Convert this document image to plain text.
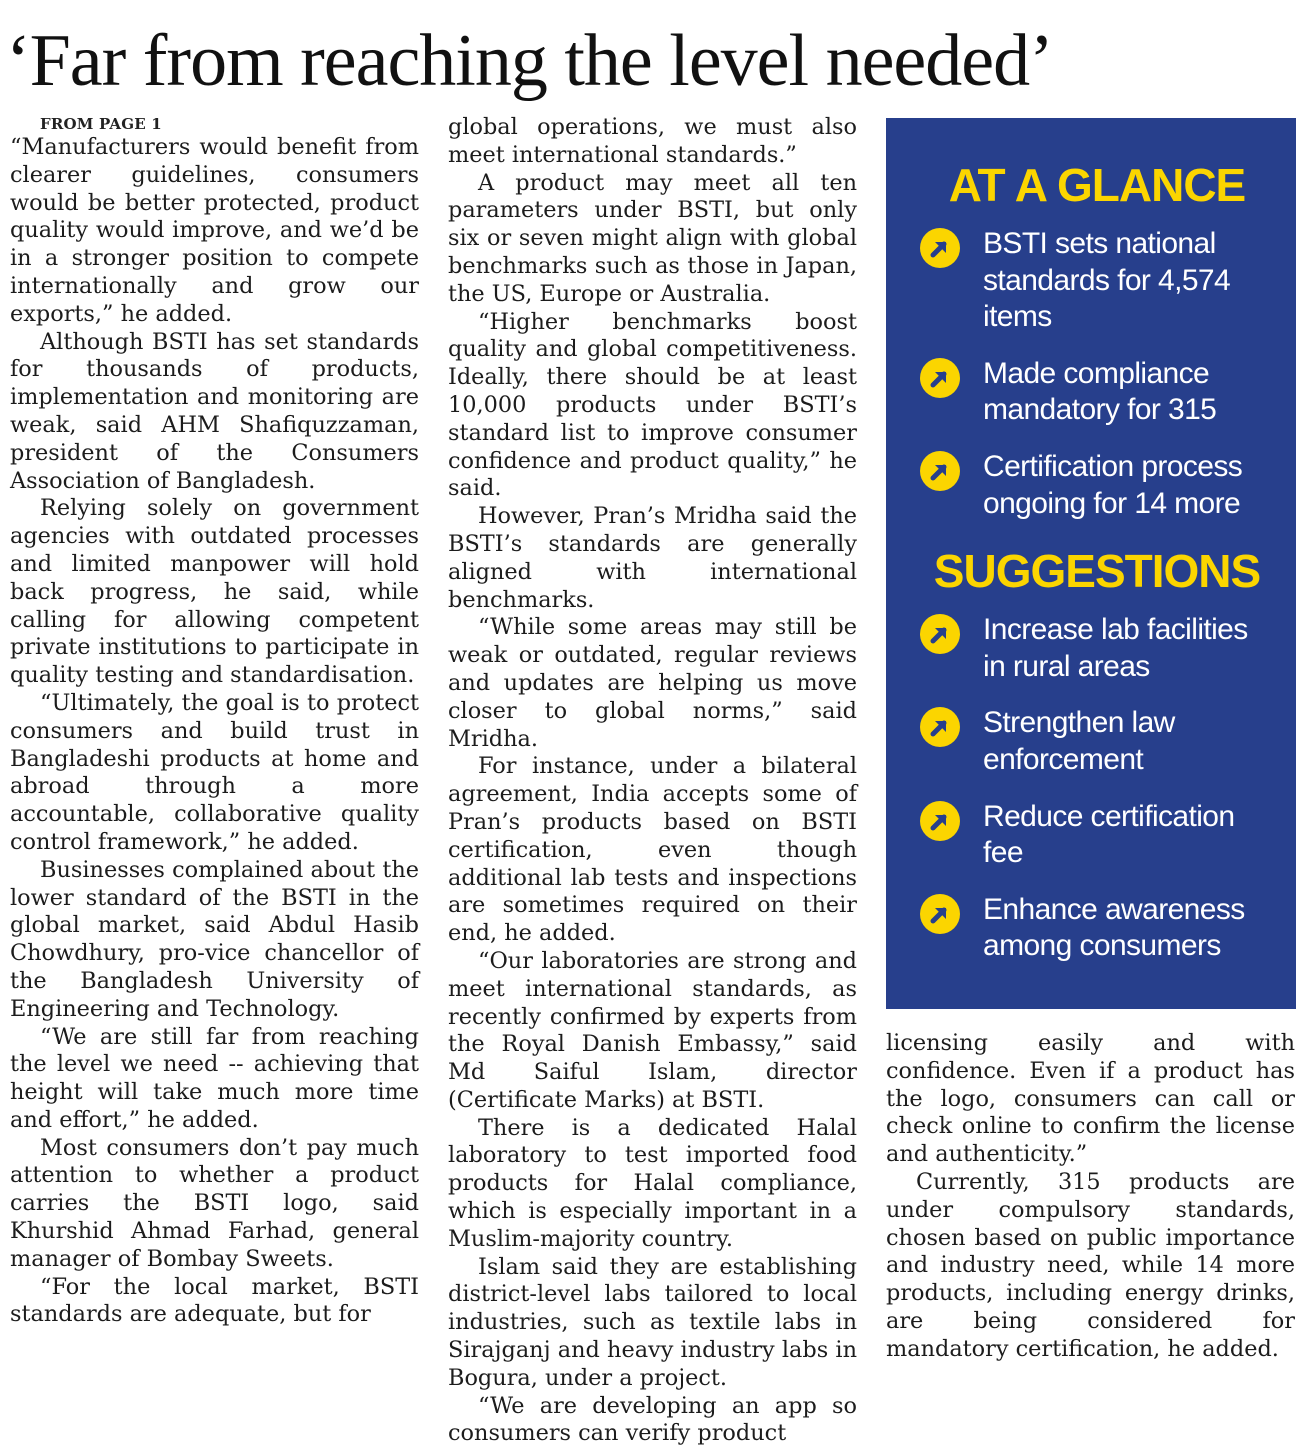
‘Far from reaching the level needed’

FROM PAGE 1

“Manufacturers would benefit from clearer guidelines, consumers would be better protected, product quality would improve, and we’d be in a stronger position to compete internationally and grow our exports,” he added.

Although BSTI has set standards for thousands of products, implementation and monitoring are weak, said AHM Shafiquzzaman, president of the Consumers Association of Bangladesh.

Relying solely on government agencies with outdated processes and limited manpower will hold back progress, he said, while calling for allowing competent private institutions to participate in quality testing and standardisation.

“Ultimately, the goal is to protect consumers and build trust in Bangladeshi products at home and abroad through a more accountable, collaborative quality control framework,” he added.

Businesses complained about the lower standard of the BSTI in the global market, said Abdul Hasib Chowdhury, pro-vice chancellor of the Bangladesh University of Engineering and Technology.

“We are still far from reaching the level we need -- achieving that height will take much more time and effort,” he added.

Most consumers don’t pay much attention to whether a product carries the BSTI logo, said Khurshid Ahmad Farhad, general manager of Bombay Sweets.

“For the local market, BSTI standards are adequate, but for

global operations, we must also meet international standards.”

A product may meet all ten parameters under BSTI, but only six or seven might align with global benchmarks such as those in Japan, the US, Europe or Australia.

“Higher benchmarks boost quality and global competitiveness. Ideally, there should be at least 10,000 products under BSTI’s standard list to improve consumer confidence and product quality,” he said.

However, Pran’s Mridha said the BSTI’s standards are generally aligned with international benchmarks.

“While some areas may still be weak or outdated, regular reviews and updates are helping us move closer to global norms,” said Mridha.

For instance, under a bilateral agreement, India accepts some of Pran’s products based on BSTI certification, even though additional lab tests and inspections are sometimes required on their end, he added.

“Our laboratories are strong and meet international standards, as recently confirmed by experts from the Royal Danish Embassy,” said Md Saiful Islam, director (Certificate Marks) at BSTI.

There is a dedicated Halal laboratory to test imported food products for Halal compliance, which is especially important in a Muslim-majority country.

Islam said they are establishing district-level labs tailored to local industries, such as textile labs in Sirajganj and heavy industry labs in Bogura, under a project.

“We are developing an app so consumers can verify product

AT A GLANCE
BSTI sets national standards for 4,574 items
Made compliance mandatory for 315
Certification process ongoing for 14 more
SUGGESTIONS
Increase lab facilities in rural areas
Strengthen law enforcement
Reduce certification fee
Enhance awareness among consumers

licensing easily and with confidence. Even if a product has the logo, consumers can call or check online to confirm the license and authenticity.”

Currently, 315 products are under compulsory standards, chosen based on public importance and industry need, while 14 more products, including energy drinks, are being considered for mandatory certification, he added.
